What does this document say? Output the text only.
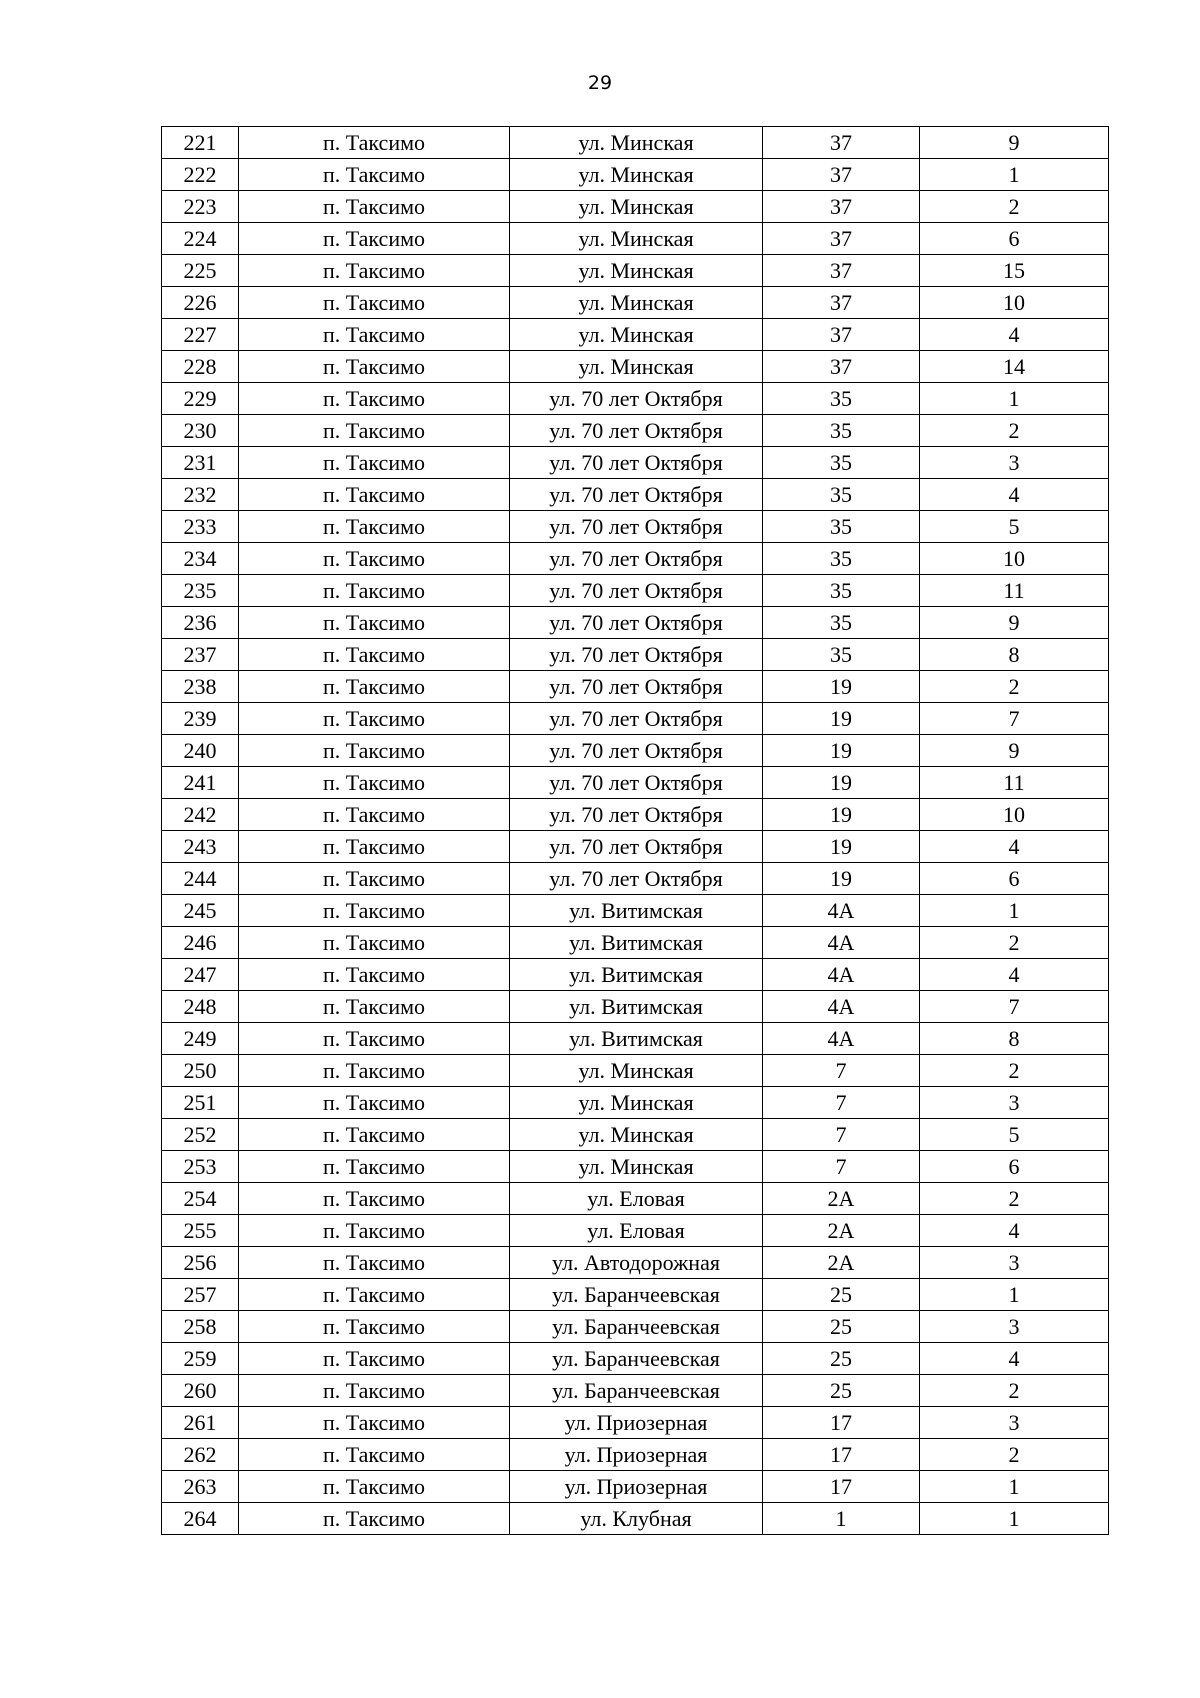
29
221	п. Таксимо	ул. Минская	37	9
222	п. Таксимо	ул. Минская	37	1
223	п. Таксимо	ул. Минская	37	2
224	п. Таксимо	ул. Минская	37	6
225	п. Таксимо	ул. Минская	37	15
226	п. Таксимо	ул. Минская	37	10
227	п. Таксимо	ул. Минская	37	4
228	п. Таксимо	ул. Минская	37	14
229	п. Таксимо	ул. 70 лет Октября	35	1
230	п. Таксимо	ул. 70 лет Октября	35	2
231	п. Таксимо	ул. 70 лет Октября	35	3
232	п. Таксимо	ул. 70 лет Октября	35	4
233	п. Таксимо	ул. 70 лет Октября	35	5
234	п. Таксимо	ул. 70 лет Октября	35	10
235	п. Таксимо	ул. 70 лет Октября	35	11
236	п. Таксимо	ул. 70 лет Октября	35	9
237	п. Таксимо	ул. 70 лет Октября	35	8
238	п. Таксимо	ул. 70 лет Октября	19	2
239	п. Таксимо	ул. 70 лет Октября	19	7
240	п. Таксимо	ул. 70 лет Октября	19	9
241	п. Таксимо	ул. 70 лет Октября	19	11
242	п. Таксимо	ул. 70 лет Октября	19	10
243	п. Таксимо	ул. 70 лет Октября	19	4
244	п. Таксимо	ул. 70 лет Октября	19	6
245	п. Таксимо	ул. Витимская	4А	1
246	п. Таксимо	ул. Витимская	4А	2
247	п. Таксимо	ул. Витимская	4А	4
248	п. Таксимо	ул. Витимская	4А	7
249	п. Таксимо	ул. Витимская	4А	8
250	п. Таксимо	ул. Минская	7	2
251	п. Таксимо	ул. Минская	7	3
252	п. Таксимо	ул. Минская	7	5
253	п. Таксимо	ул. Минская	7	6
254	п. Таксимо	ул. Еловая	2А	2
255	п. Таксимо	ул. Еловая	2А	4
256	п. Таксимо	ул. Автодорожная	2А	3
257	п. Таксимо	ул. Баранчеевская	25	1
258	п. Таксимо	ул. Баранчеевская	25	3
259	п. Таксимо	ул. Баранчеевская	25	4
260	п. Таксимо	ул. Баранчеевская	25	2
261	п. Таксимо	ул. Приозерная	17	3
262	п. Таксимо	ул. Приозерная	17	2
263	п. Таксимо	ул. Приозерная	17	1
264	п. Таксимо	ул. Клубная	1	1
